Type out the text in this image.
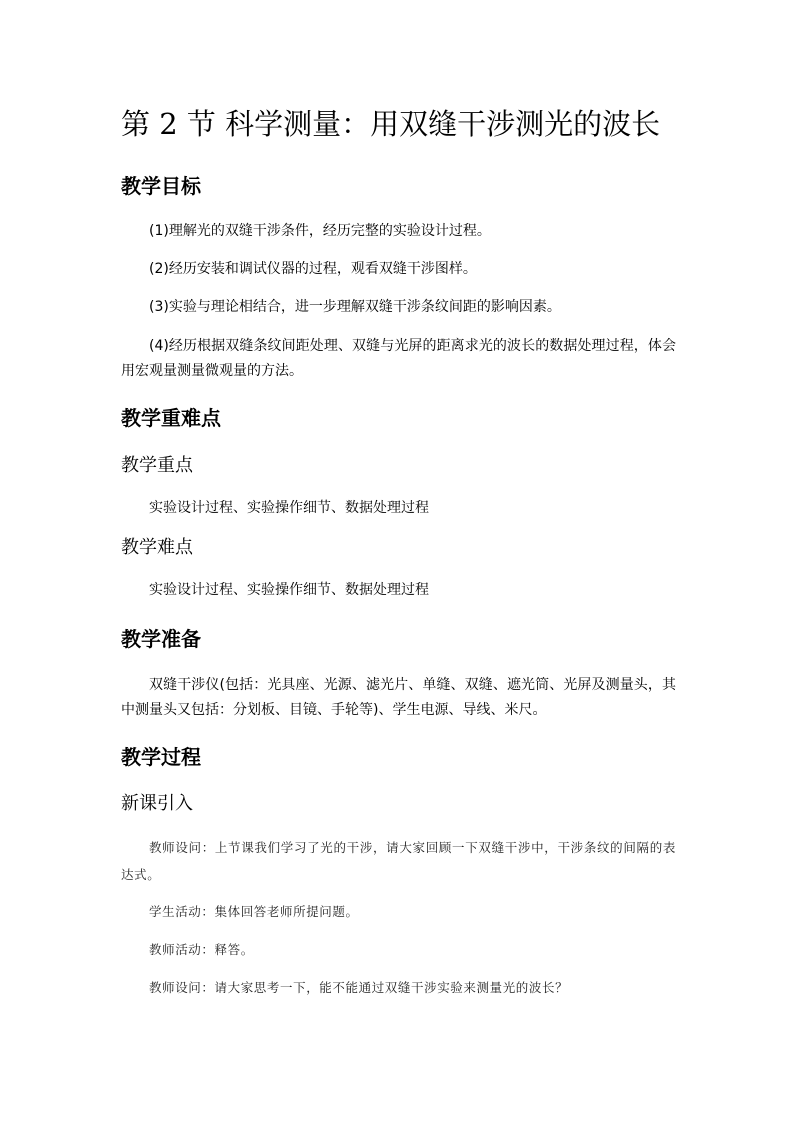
第 2 节 科学测量：用双缝干涉测光的波长
教学目标

(1)理解光的双缝干涉条件，经历完整的实验设计过程。

(2)经历安装和调试仪器的过程，观看双缝干涉图样。

(3)实验与理论相结合，进一步理解双缝干涉条纹间距的影响因素。

(4)经历根据双缝条纹间距处理、双缝与光屏的距离求光的波长的数据处理过程，体会用宏观量测量微观量的方法。

教学重难点
教学重点

实验设计过程、实验操作细节、数据处理过程

教学难点

实验设计过程、实验操作细节、数据处理过程

教学准备

双缝干涉仪(包括：光具座、光源、滤光片、单缝、双缝、遮光筒、光屏及测量头，其中测量头又包括：分划板、目镜、手轮等)、学生电源、导线、米尺。

教学过程
新课引入

教师设问：上节课我们学习了光的干涉，请大家回顾一下双缝干涉中，干涉条纹的间隔的表达式。

学生活动：集体回答老师所提问题。

教师活动：释答。

教师设问：请大家思考一下，能不能通过双缝干涉实验来测量光的波长？
